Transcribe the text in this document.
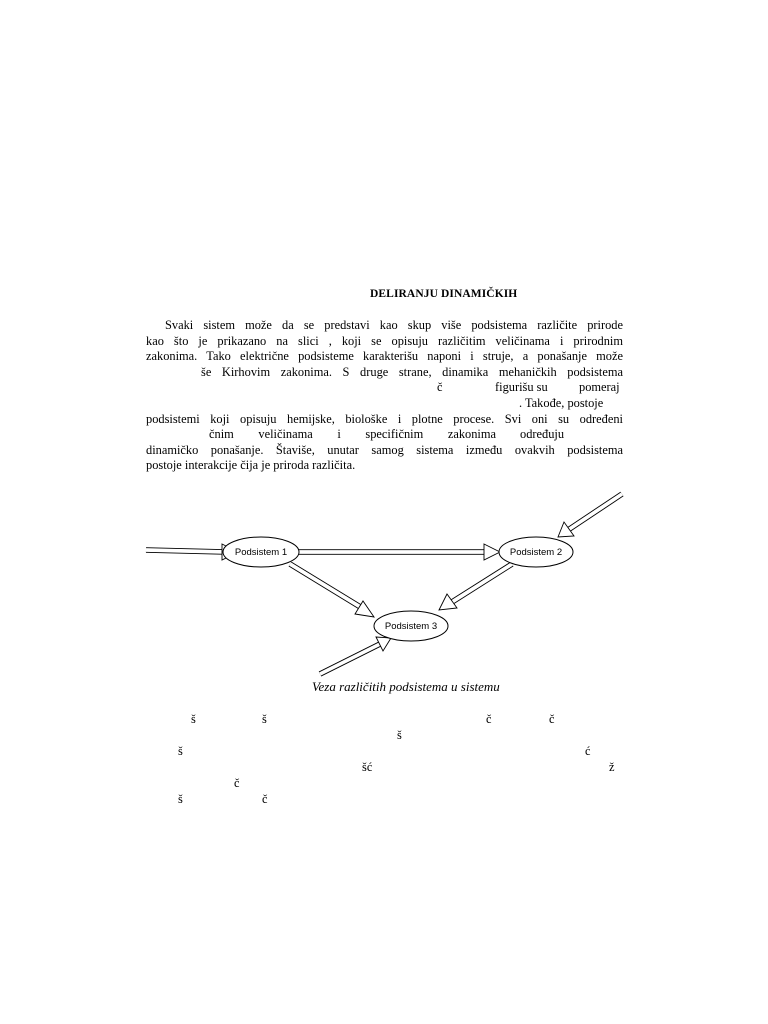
DELIRANJU DINAMIČKIH
Svaki sistem može da se predstavi kao skup više podsistema različite prirode
kao što je prikazano na slici , koji se opisuju različitim veličinama i prirodnim
zakonima. Tako električne podsisteme karakterišu naponi i struje, a ponašanje može
še Kirhovim zakonima. S druge strane, dinamika mehaničkih podsistema
č	figurišu su	pomeraj
. Takođe, postoje
podsistemi koji opisuju hemijske, biološke i plotne procese. Svi oni su određeni
čnim veličinama i specifičnim zakonima određuju
dinamičko ponašanje. Štaviše, unutar samog sistema između ovakvih podsistema
postoje interakcije čija je priroda različita.
Podsistem 1	Podsistem 2
Podsistem 3
Veza različitih podsistema u sistemu
š	š	č	č
š
š	ć
šć	ž
č
š	č
